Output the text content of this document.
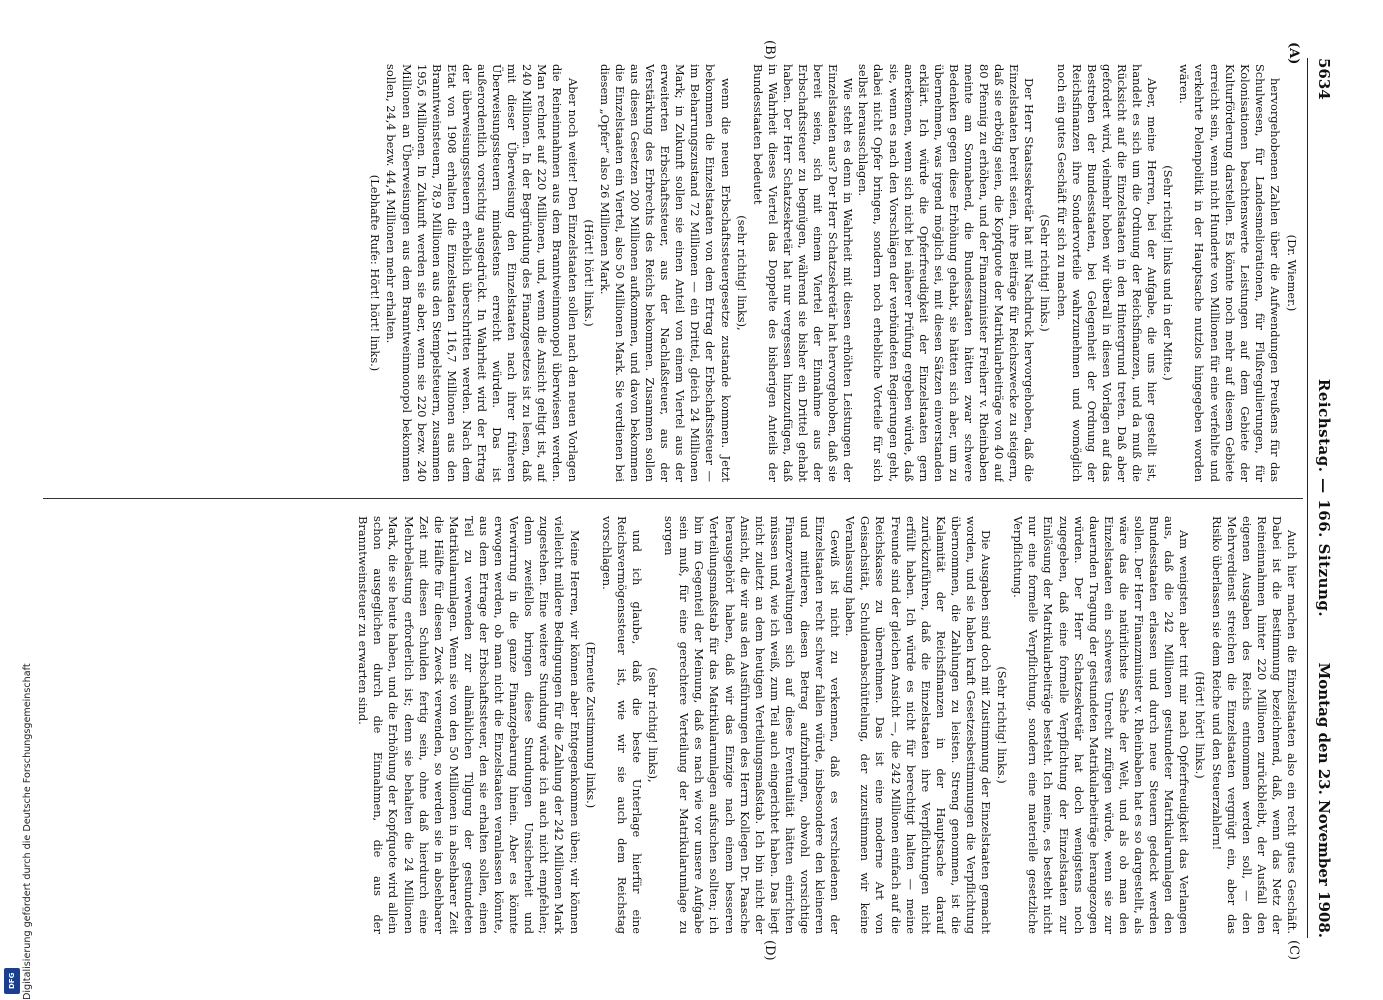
5634
Reichstag. — 166. Sitzung.
Montag den 23. November 1908.
(A)
(B)
(C)
(D)

(Dr. Wiemer.)

hervorgehobenen Zahlen über die Aufwendungen Preußens für das Schulwesen, für Landesmeliorationen, für Flußregulierungen, für Kolonisationen beachtenswerte Leistungen auf dem Gebiete der Kulturförderung darstellen. Es könnte noch mehr auf diesem Gebiete erreicht sein, wenn nicht Hunderte von Millionen für eine verfehlte und verkehrte Polenpolitik in der Hauptsache nutzlos hingegeben worden wären.

(Sehr richtig! links und in der Mitte.)

Aber, meine Herren, bei der Aufgabe, die uns hier gestellt ist, handelt es sich um die Ordnung der Reichsfinanzen, und da muß die Rücksicht auf die Einzelstaaten in den Hintergrund treten. Daß aber gefordert wird, vielmehr hoben wir überall in diesen Vorlagen auf das Bestreben der Bundesstaaten, bei Gelegenheit der Ordnung der Reichsfinanzen ihre Sondervorteile wahrzunehmen und womöglich noch ein gutes Geschäft für sich zu machen.

(Sehr richtig! links.)

Der Herr Staatssekretär hat mit Nachdruck hervorgehoben, daß die Einzelstaaten bereit seien, ihre Beiträge für Reichszwecke zu steigern, daß sie erbötig seien, die Kopfquote der Matrikularbeiträge von 40 auf 80 Pfennig zu erhöhen, und der Finanzminister Freiherr v. Rheinbaben meinte am Sonnabend, die Bundesstaaten hätten zwar schwere Bedenken gegen diese Erhöhung gehabt, sie hätten sich aber, um zu übernehmen, was irgend möglich sei, mit diesen Sätzen einverstanden erklärt. Ich würde die Opferfreudigkeit der Einzelstaaten gern anerkennen, wenn sich nicht bei näherer Prüfung ergeben würde, daß sie, wenn es nach den Vorschlägen der verbündeten Regierungen geht, dabei nicht Opfer bringen, sondern noch erhebliche Vorteile für sich selbst herausschlagen.

Wie steht es denn in Wahrheit mit diesen erhöhten Leistungen der Einzelstaaten aus? Der Herr Schatzsekretär hat hervorgehoben, daß sie bereit seien, sich mit einem Viertel der Einnahme aus der Erbschaftssteuer zu begnügen, während sie bisher ein Drittel gehabt haben. Der Herr Schatzsekretär hat nur vergessen hinzuzufügen, daß in Wahrheit dieses Viertel das Doppelte des bisherigen Anteils der Bundesstaaten bedeutet

(sehr richtig! links),

wenn die neuen Erbschaftssteuergesetze zustande kommen. Jetzt bekommen die Einzelstaaten von dem Ertrag der Erbschaftssteuer — im Beharrungszustand 72 Millionen — ein Drittel, gleich 24 Millionen Mark; in Zukunft sollen sie einen Anteil von einem Viertel aus der erweiterten Erbschaftssteuer, aus der Nachlaßsteuer, aus der Verstärkung des Erbrechts des Reichs bekommen. Zusammen sollen aus diesen Gesetzen 200 Millionen aufkommen, und davon bekommen die Einzelstaaten ein Viertel, also 50 Millionen Mark. Sie verdienen bei diesem „Opfer“ also 26 Millionen Mark.

(Hört! hört! links.)

Aber noch weiter! Den Einzelstaaten sollen nach den neuen Vorlagen die Reineinnahmen aus dem Branntweinmonopol überwiesen werden. Man rechnet auf 220 Millionen, und, wenn die Ansicht geltigt ist, auf 240 Millionen. In der Begründung des Finanzgesetzes ist zu lesen, daß mit dieser Überweisung den Einzelstaaten nach ihrer früheren Überweisungssteuern mindestens erreicht würden. Das ist außerordentlich vorsichtig ausgedrückt. In Wahrheit wird der Ertrag der überweisungssteuern erheblich überschritten werden. Nach dem Etat von 1908 erhalten die Einzelstaaten 116,7 Millionen aus den Branntweinsteuern, 78,9 Millionen aus den Stempelsteuern, zusammen 195,6 Millionen. In Zukunft werden sie aber, wenn sie 220 bezw. 240 Millionen an Überweisungen aus dem Branntweinmonopol bekommen sollen, 24,4 bezw. 44,4 Millionen mehr erhalten.

(Lebhafte Rufe: Hört! hört! links.)

Auch hier machen die Einzelstaaten also ein recht gutes Geschäft. Dabei ist die Bestimmung bezeichnend, daß, wenn das Netz der Reineinnahmen hinter 220 Millionen zurückbleibt, der Ausfall den eigenen Ausgaben des Reichs entnommen werden soll, — den Mehrverdienst streichen die Einzelstaaten vergnügt ein, aber das Risiko überlassen sie dem Reiche und den Steuerzahlern!

(Hört! hört! links.)

Am wenigsten aber tritt mir nach Opferfreudigkeit das Verlangen aus, daß die 242 Millionen gestundeter Matrikularumlagen den Bundesstaaten erlassen und durch neue Steuern gedeckt werden sollen. Der Herr Finanzminister v. Rheinbaben hat es so dargestellt, als wäre das die natürlichste Sache der Welt, und als ob man den Einzelstaaten ein schweres Unrecht zufügen würde, wenn sie zur dauernden Tragung der gestundeten Matrikularbeiträge herangezogen würden. Der Herr Schatzsekretär hat doch wenigstens noch zugegeben, daß eine formelle Verpflichtung der Einzelstaaten zur Einlösung der Matrikularbeiträge besteht. Ich meine, es besteht nicht nur eine formelle Verpflichtung, sondern eine materielle gesetzliche Verpflichtung.

(Sehr richtig! links.)

Die Ausgaben sind doch mit Zustimmung der Einzelstaaten gemacht worden, und sie haben kraft Gesetzesbestimmungen die Verpflichtung übernommen, die Zahlungen zu leisten. Streng genommen, ist die Kalamität der Reichsfinanzen in der Hauptsache darauf zurückzuführen, daß die Einzelstaaten ihre Verpflichtungen nicht erfüllt haben. Ich würde es nicht für berechtigt halten — meine Freunde sind der gleichen Ansicht —, die 242 Millionen einfach auf die Reichskasse zu übernehmen. Das ist eine moderne Art von Geisachsität, Schuldenabschüttelung, der zuzustimmen wir keine Veranlassung haben.

Gewiß ist nicht zu verkennen, daß es verschiedenen der Einzelstaaten recht schwer fallen würde, insbesondere den kleineren und mittleren, diesen Betrag aufzubringen, obwohl vorsichtige Finanzverwaltungen sich auf diese Eventualität hätten einrichten müssen und, wie ich weiß, zum Teil auch eingerichtet haben. Das liegt nicht zuletzt an dem heutigen Verteilungsmaßstab. Ich bin nicht der Ansicht, die wir aus den Ausführungen des Herrn Kollegen Dr. Paasche herausgehört haben, daß wir das Einzige nach einem besseren Verteilungsmaßstab für das Matrikularumlagen aufsuchen sollten; ich bin im Gegenteil der Meinung, daß es nach wie vor unsere Aufgabe sein muß, für eine gerechtere Verteilung der Matrikularumlage zu sorgen

(sehr richtig! links),

und ich glaube, daß die beste Unterlage hierfür eine Reichsvermögenssteuer ist, wie wir sie auch dem Reichstag vorschlagen.

(Erneute Zustimmung links.)

Meine Herren, wir können aber Entgegenkommen üben; wir können vielleicht mildere Bedingungen für die Zahlung der 242 Millionen Mark zugestehen. Eine weitere Stundung würde ich auch nicht empfehlen; denn zweifellos bringen diese Stundungen Unsicherheit und Verwirrung in die ganze Finanzgebarung hinein. Aber es könnte erwogen werden, ob man nicht die Einzelstaaten veranlassen könnte, aus dem Ertrage der Erbschaftssteuer, den sie erhalten sollen, einen Teil zu verwenden zur allmählichen Tilgung der gestundeten Matrikularumlagen. Wenn sie von den 50 Millionen in absehbarer Zeit die Hälfte für diesen Zweck verwenden, so werden sie in absehbarer Zeit mit diesen Schulden fertig sein, ohne daß hierdurch eine Mehrbelastung erforderlich ist; denn sie behalten die 24 Millionen Mark, die sie heute haben, und die Erhöhung der Kopfquote wird allein schon ausgeglichen durch die Einnahmen, die aus der Branntweinsteuer zu erwarten sind.

Digitalisierung gefördert durch die Deutsche Forschungsgemeinschaft
DFG
